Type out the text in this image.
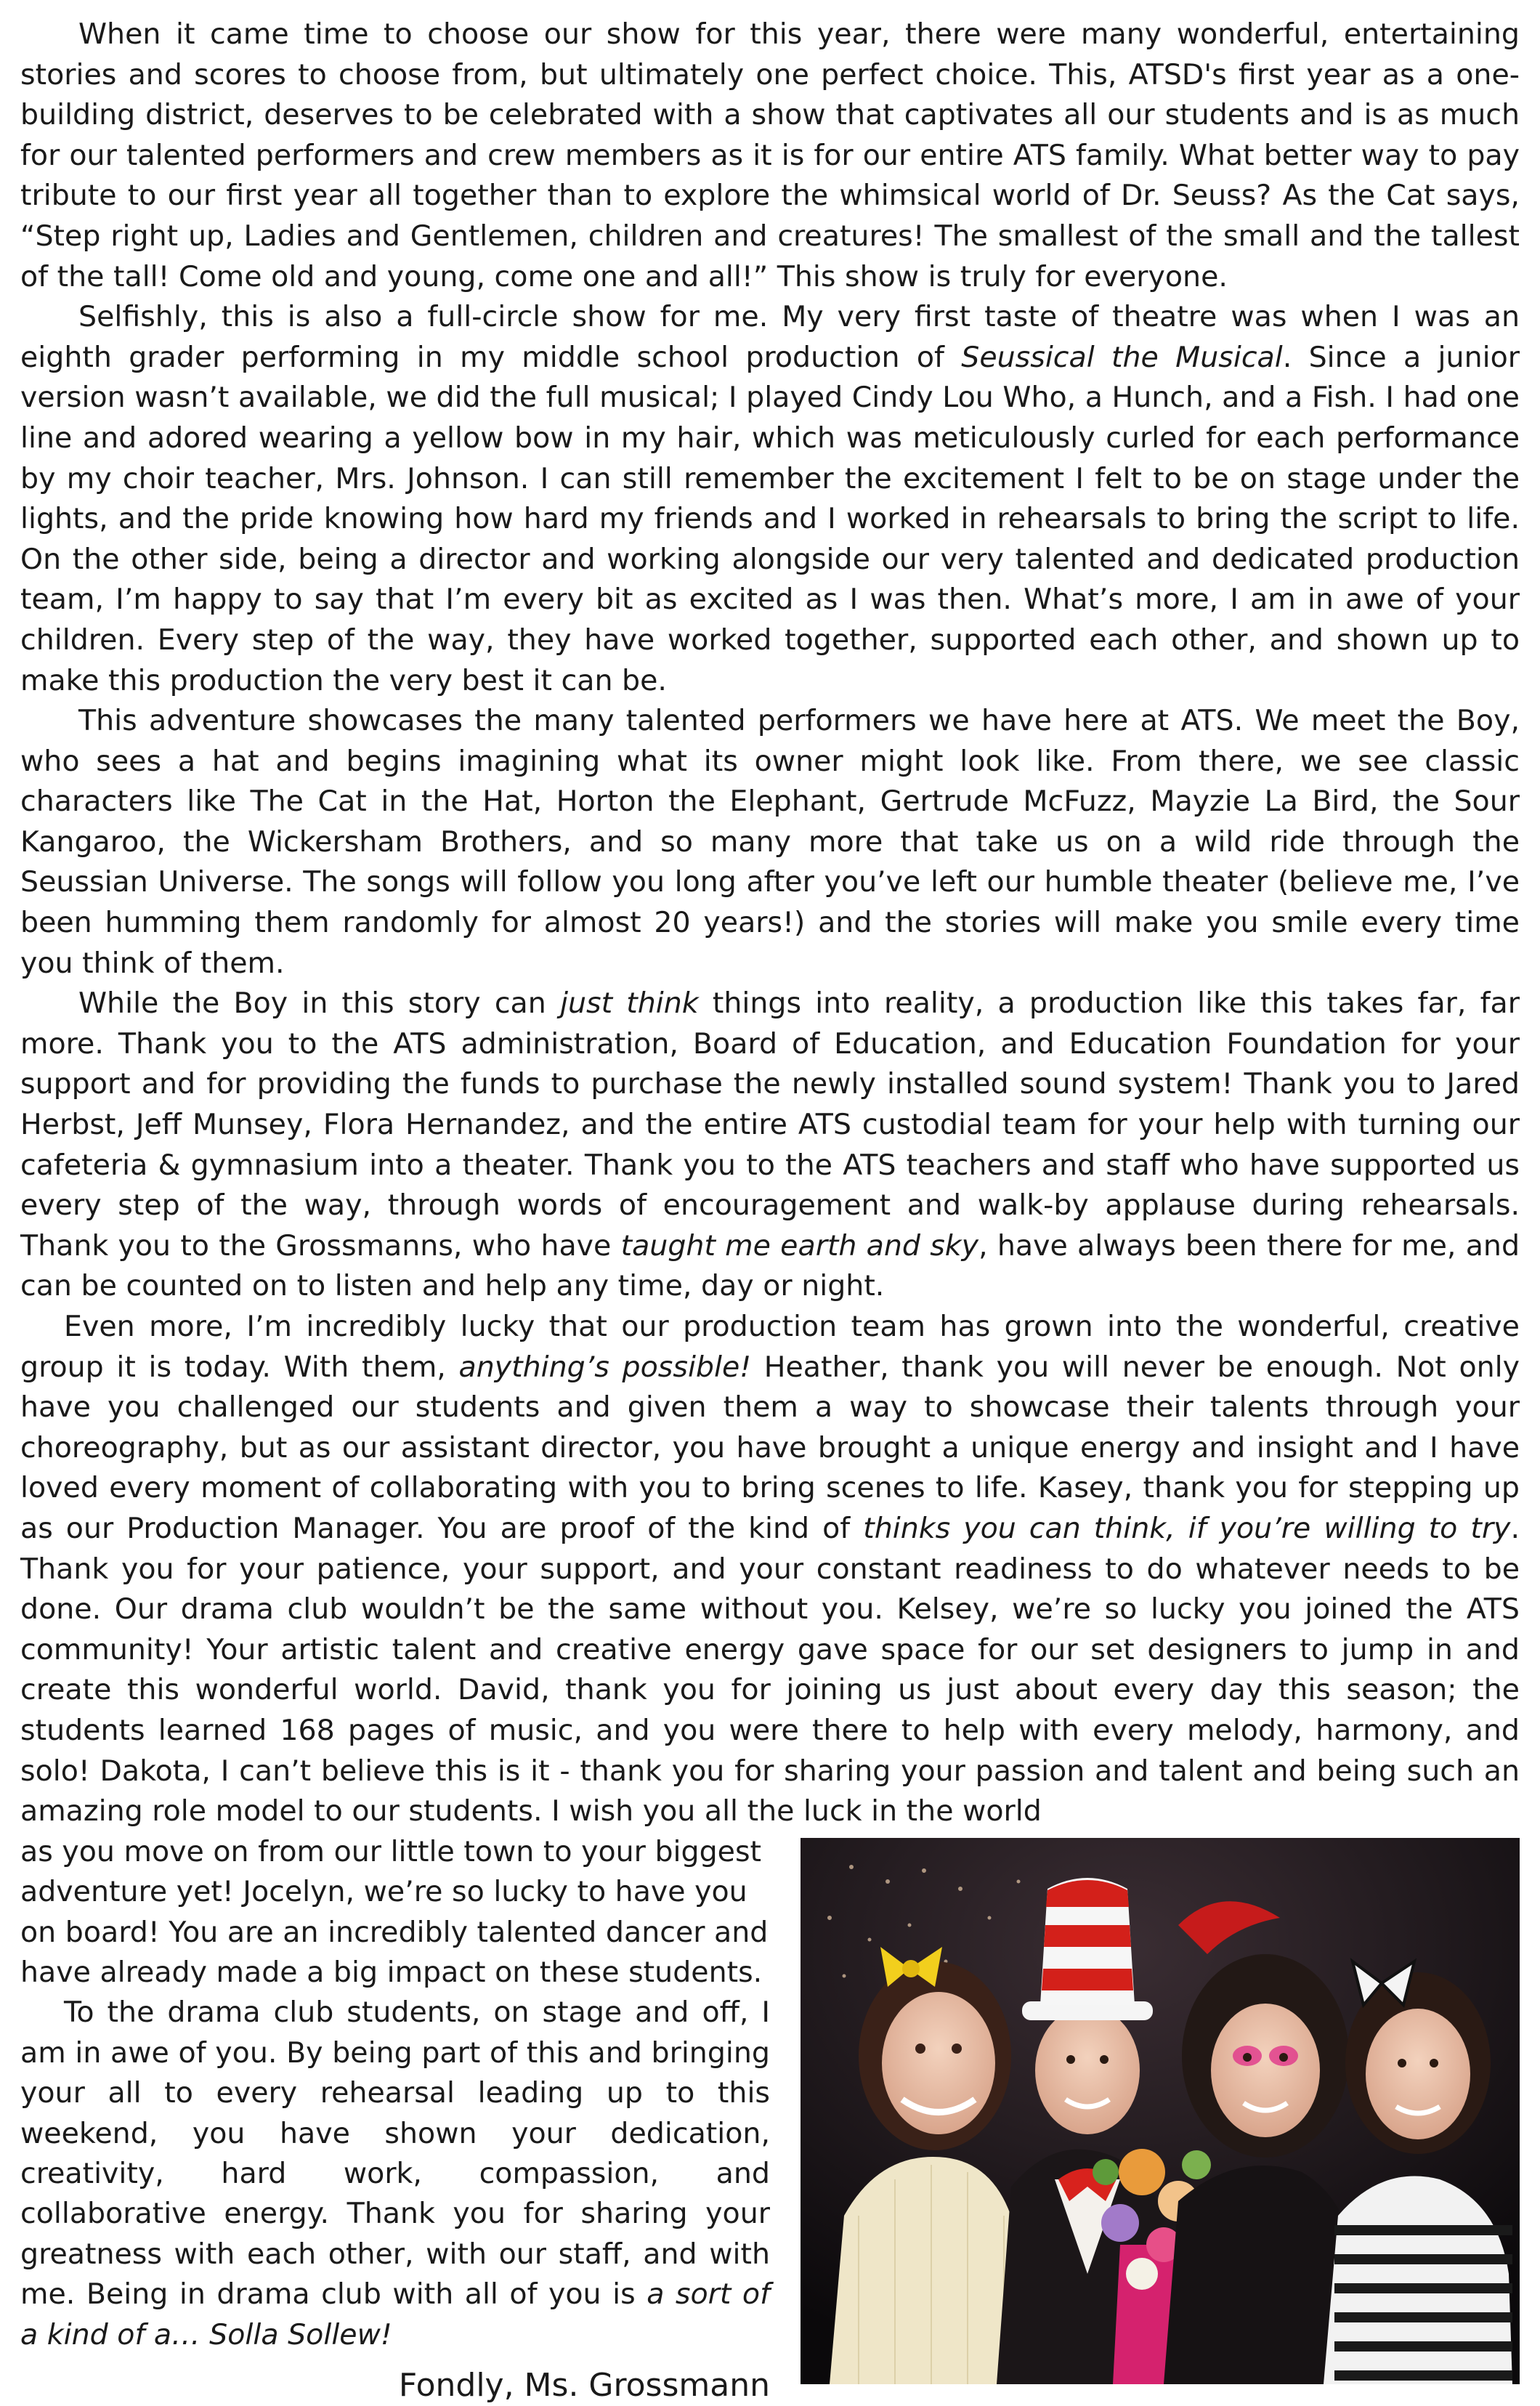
When it came time to choose our show for this year, there were many wonderful, entertaining stories and scores to choose from, but ultimately one perfect choice. This, ATSD's first year as a one-building district, deserves to be celebrated with a show that captivates all our students and is as much for our talented performers and crew members as it is for our entire ATS family. What better way to pay tribute to our first year all together than to explore the whimsical world of Dr. Seuss? As the Cat says, “Step right up, Ladies and Gentlemen, children and creatures! The smallest of the small and the tallest of the tall! Come old and young, come one and all!” This show is truly for everyone.

Selfishly, this is also a full-circle show for me. My very first taste of theatre was when I was an eighth grader performing in my middle school production of Seussical the Musical. Since a junior version wasn’t available, we did the full musical; I played Cindy Lou Who, a Hunch, and a Fish. I had one line and adored wearing a yellow bow in my hair, which was meticulously curled for each performance by my choir teacher, Mrs. Johnson. I can still remember the excitement I felt to be on stage under the lights, and the pride knowing how hard my friends and I worked in rehearsals to bring the script to life. On the other side, being a director and working alongside our very talented and dedicated production team, I’m happy to say that I’m every bit as excited as I was then. What’s more, I am in awe of your children. Every step of the way, they have worked together, supported each other, and shown up to make this production the very best it can be.

This adventure showcases the many talented performers we have here at ATS. We meet the Boy, who sees a hat and begins imagining what its owner might look like. From there, we see classic characters like The Cat in the Hat, Horton the Elephant, Gertrude McFuzz, Mayzie La Bird, the Sour Kangaroo, the Wickersham Brothers, and so many more that take us on a wild ride through the Seussian Universe. The songs will follow you long after you’ve left our humble theater (believe me, I’ve been humming them randomly for almost 20 years!) and the stories will make you smile every time you think of them.

While the Boy in this story can just think things into reality, a production like this takes far, far more. Thank you to the ATS administration, Board of Education, and Education Foundation for your support and for providing the funds to purchase the newly installed sound system! Thank you to Jared Herbst, Jeff Munsey, Flora Hernandez, and the entire ATS custodial team for your help with turning our cafeteria & gymnasium into a theater. Thank you to the ATS teachers and staff who have supported us every step of the way, through words of encouragement and walk-by applause during rehearsals. Thank you to the Grossmanns, who have taught me earth and sky, have always been there for me, and can be counted on to listen and help any time, day or night.

Even more, I’m incredibly lucky that our production team has grown into the wonderful, creative group it is today. With them, anything’s possible! Heather, thank you will never be enough. Not only have you challenged our students and given them a way to showcase their talents through your choreography, but as our assistant director, you have brought a unique energy and insight and I have loved every moment of collaborating with you to bring scenes to life. Kasey, thank you for stepping up as our Production Manager. You are proof of the kind of thinks you can think, if you’re willing to try. Thank you for your patience, your support, and your constant readiness to do whatever needs to be done. Our drama club wouldn’t be the same without you. Kelsey, we’re so lucky you joined the ATS community! Your artistic talent and creative energy gave space for our set designers to jump in and create this wonderful world. David, thank you for joining us just about every day this season; the students learned 168 pages of music, and you were there to help with every melody, harmony, and solo! Dakota, I can’t believe this is it - thank you for sharing your passion and talent and being such an amazing role model to our students. I wish you all the luck in the world

as you move on from our little town to your biggest adventure yet! Jocelyn, we’re so lucky to have you on board! You are an incredibly talented dancer and have already made a big impact on these students.

To the drama club students, on stage and off, I am in awe of you. By being part of this and bringing your all to every rehearsal leading up to this weekend, you have shown your dedication, creativity, hard work, compassion, and collaborative energy. Thank you for sharing your greatness with each other, with our staff, and with me. Being in drama club with all of you is a sort of a kind of a… Solla Sollew!

Fondly, Ms. Grossmann
